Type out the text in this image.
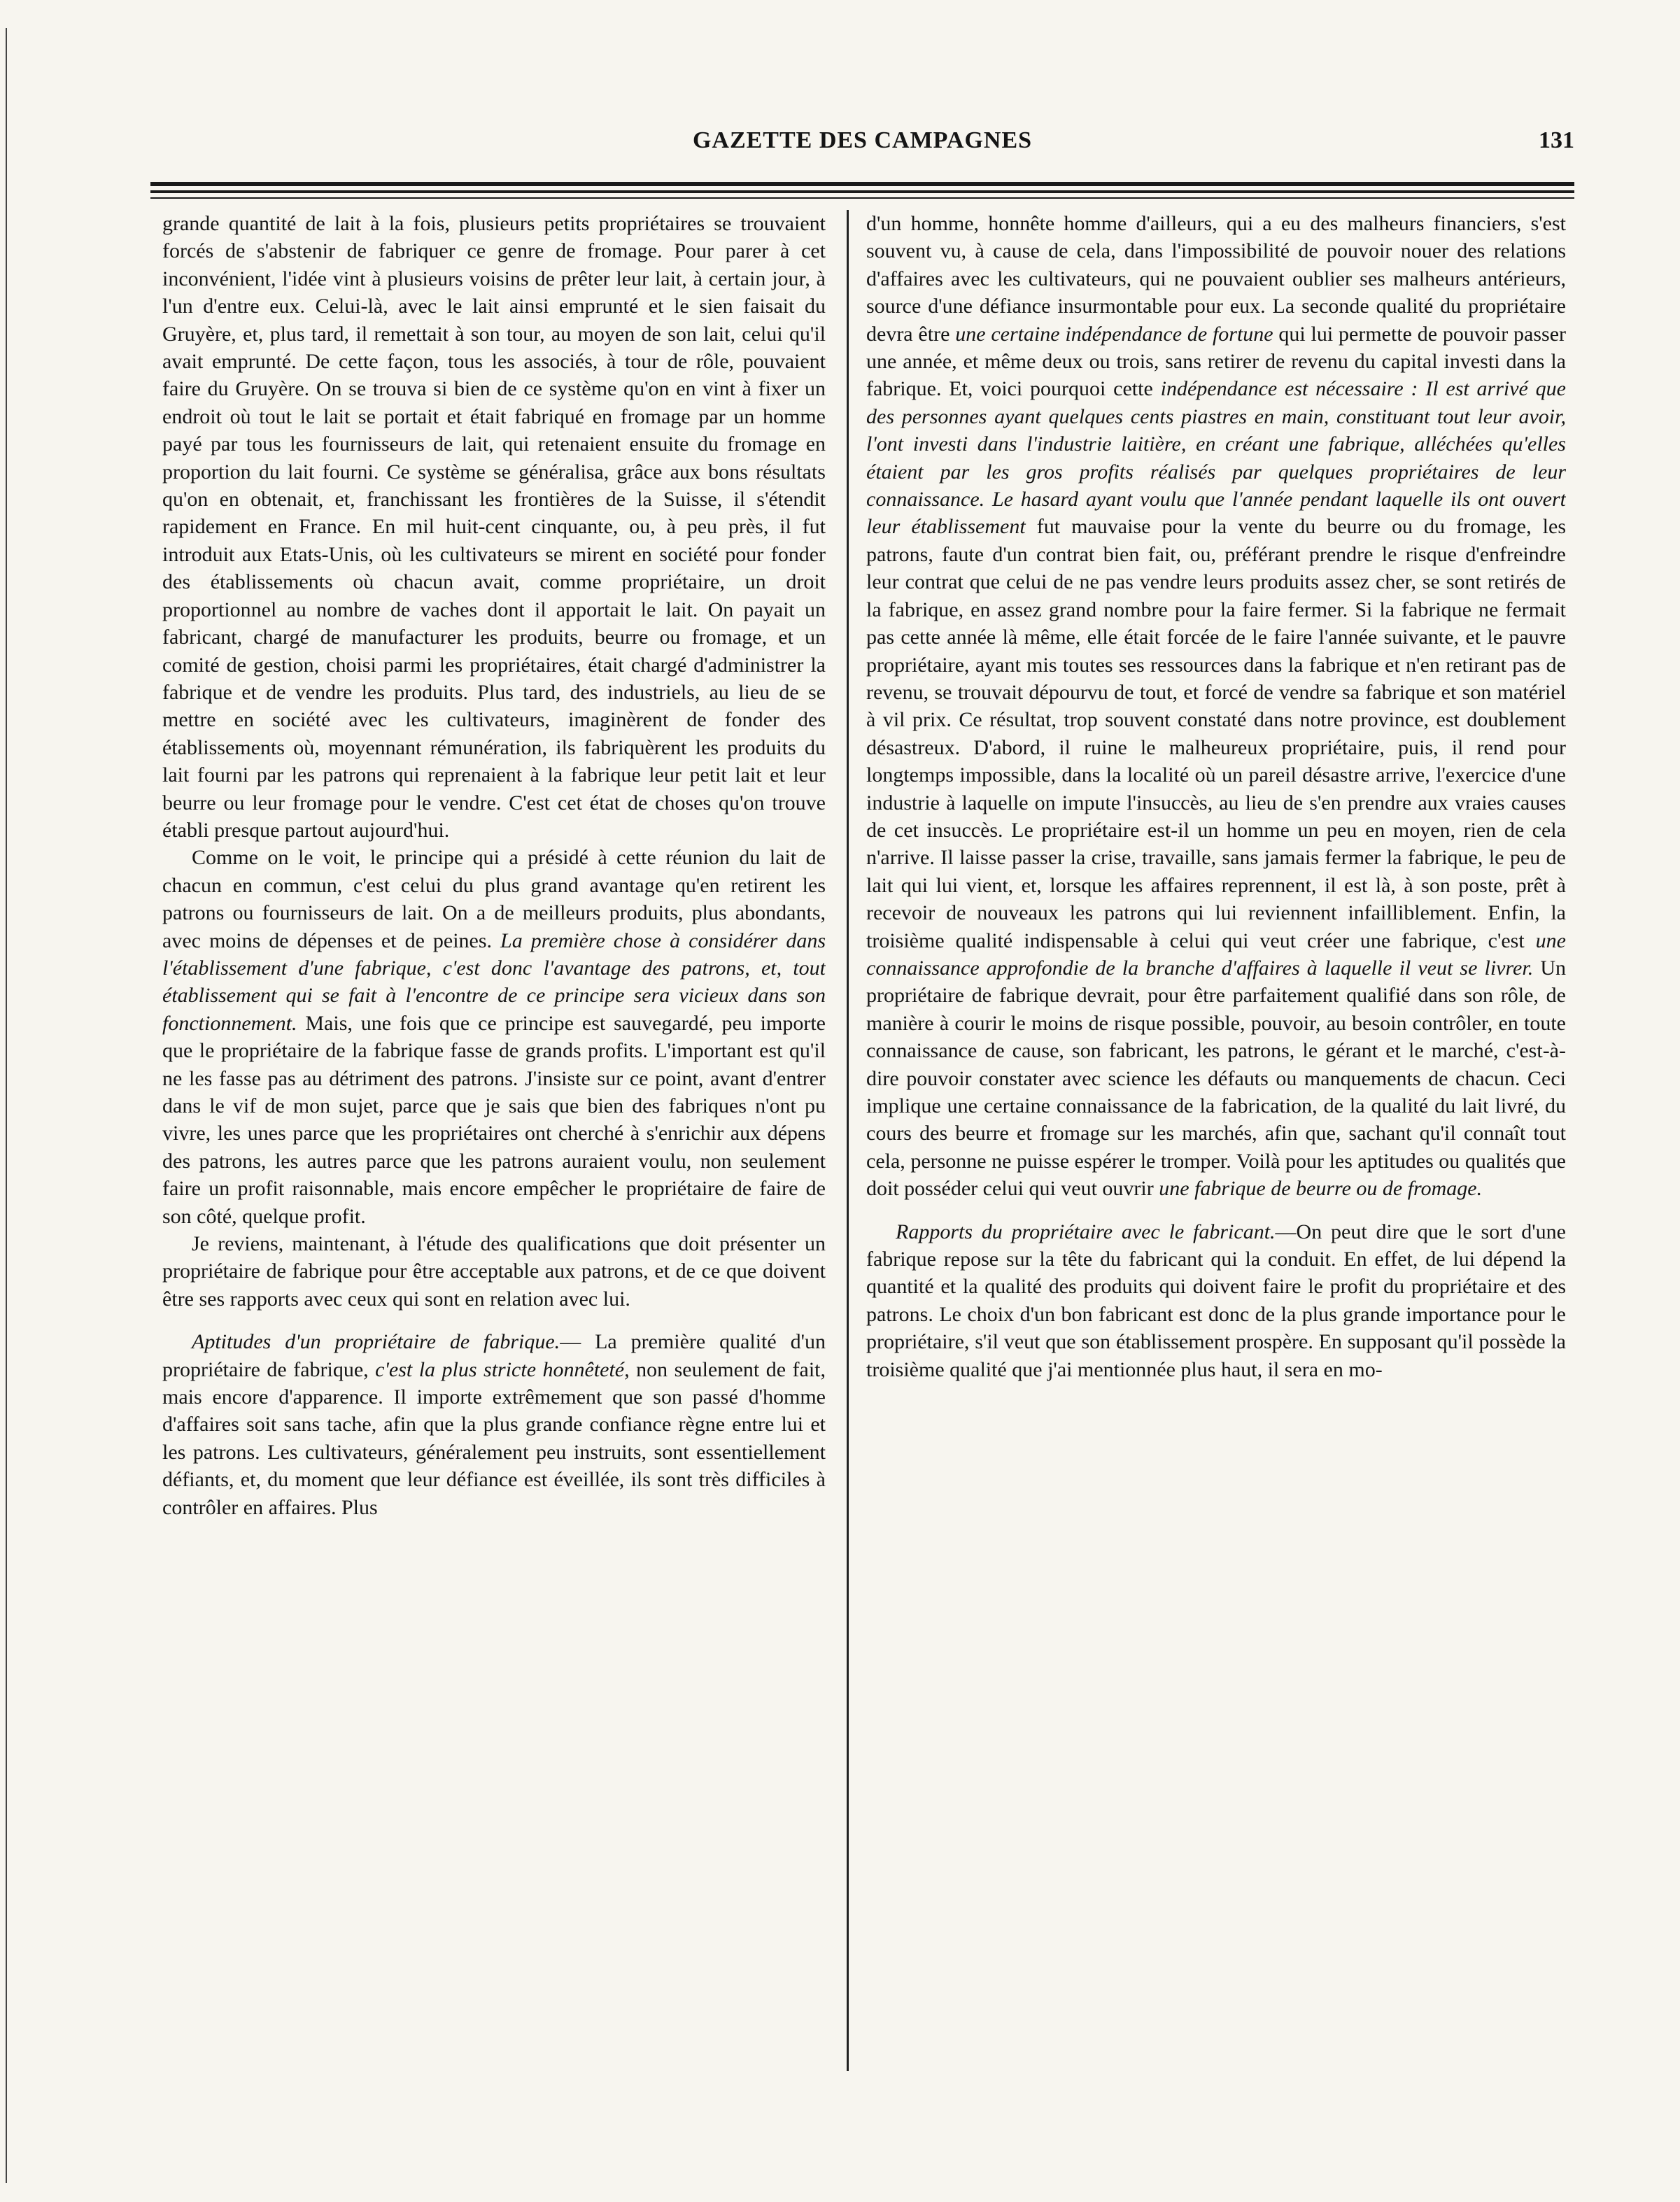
GAZETTE DES CAMPAGNES	131

grande quantité de lait à la fois, plusieurs petits propriétaires se trouvaient forcés de s'abstenir de fabriquer ce genre de fromage. Pour parer à cet inconvénient, l'idée vint à plusieurs voisins de prêter leur lait, à certain jour, à l'un d'entre eux. Celui-là, avec le lait ainsi emprunté et le sien faisait du Gruyère, et, plus tard, il remettait à son tour, au moyen de son lait, celui qu'il avait emprunté. De cette façon, tous les associés, à tour de rôle, pouvaient faire du Gruyère. On se trouva si bien de ce système qu'on en vint à fixer un endroit où tout le lait se portait et était fabriqué en fromage par un homme payé par tous les fournisseurs de lait, qui retenaient ensuite du fromage en proportion du lait fourni. Ce système se généralisa, grâce aux bons résultats qu'on en obtenait, et, franchissant les frontières de la Suisse, il s'étendit rapidement en France. En mil huit-cent cinquante, ou, à peu près, il fut introduit aux Etats-Unis, où les cultivateurs se mirent en société pour fonder des établissements où chacun avait, comme propriétaire, un droit proportionnel au nombre de vaches dont il apportait le lait. On payait un fabricant, chargé de manufacturer les produits, beurre ou fromage, et un comité de gestion, choisi parmi les propriétaires, était chargé d'administrer la fabrique et de vendre les produits. Plus tard, des industriels, au lieu de se mettre en société avec les cultivateurs, imaginèrent de fonder des établissements où, moyennant rémunération, ils fabriquèrent les produits du lait fourni par les patrons qui reprenaient à la fabrique leur petit lait et leur beurre ou leur fromage pour le vendre. C'est cet état de choses qu'on trouve établi presque partout aujourd'hui.

Comme on le voit, le principe qui a présidé à cette réunion du lait de chacun en commun, c'est celui du plus grand avantage qu'en retirent les patrons ou fournisseurs de lait. On a de meilleurs produits, plus abondants, avec moins de dépenses et de peines. La première chose à considérer dans l'établissement d'une fabrique, c'est donc l'avantage des patrons, et, tout établissement qui se fait à l'encontre de ce principe sera vicieux dans son fonctionnement. Mais, une fois que ce principe est sauvegardé, peu importe que le propriétaire de la fabrique fasse de grands profits. L'important est qu'il ne les fasse pas au détriment des patrons. J'insiste sur ce point, avant d'entrer dans le vif de mon sujet, parce que je sais que bien des fabriques n'ont pu vivre, les unes parce que les propriétaires ont cherché à s'enrichir aux dépens des patrons, les autres parce que les patrons auraient voulu, non seulement faire un profit raisonnable, mais encore empêcher le propriétaire de faire de son côté, quelque profit.

Je reviens, maintenant, à l'étude des qualifications que doit présenter un propriétaire de fabrique pour être acceptable aux patrons, et de ce que doivent être ses rapports avec ceux qui sont en relation avec lui.

Aptitudes d'un propriétaire de fabrique.— La première qualité d'un propriétaire de fabrique, c'est la plus stricte honnêteté, non seulement de fait, mais encore d'apparence. Il importe extrêmement que son passé d'homme d'affaires soit sans tache, afin que la plus grande confiance règne entre lui et les patrons. Les cultivateurs, généralement peu instruits, sont essentiellement défiants, et, du moment que leur défiance est éveillée, ils sont très difficiles à contrôler en affaires. Plus

d'un homme, honnête homme d'ailleurs, qui a eu des malheurs financiers, s'est souvent vu, à cause de cela, dans l'impossibilité de pouvoir nouer des relations d'affaires avec les cultivateurs, qui ne pouvaient oublier ses malheurs antérieurs, source d'une défiance insurmontable pour eux. La seconde qualité du propriétaire devra être une certaine indépendance de fortune qui lui permette de pouvoir passer une année, et même deux ou trois, sans retirer de revenu du capital investi dans la fabrique. Et, voici pourquoi cette indépendance est nécessaire : Il est arrivé que des personnes ayant quelques cents piastres en main, constituant tout leur avoir, l'ont investi dans l'industrie laitière, en créant une fabrique, alléchées qu'elles étaient par les gros profits réalisés par quelques propriétaires de leur connaissance. Le hasard ayant voulu que l'année pendant laquelle ils ont ouvert leur établissement fut mauvaise pour la vente du beurre ou du fromage, les patrons, faute d'un contrat bien fait, ou, préférant prendre le risque d'enfreindre leur contrat que celui de ne pas vendre leurs produits assez cher, se sont retirés de la fabrique, en assez grand nombre pour la faire fermer. Si la fabrique ne fermait pas cette année là même, elle était forcée de le faire l'année suivante, et le pauvre propriétaire, ayant mis toutes ses ressources dans la fabrique et n'en retirant pas de revenu, se trouvait dépourvu de tout, et forcé de vendre sa fabrique et son matériel à vil prix. Ce résultat, trop souvent constaté dans notre province, est doublement désastreux. D'abord, il ruine le malheureux propriétaire, puis, il rend pour longtemps impossible, dans la localité où un pareil désastre arrive, l'exercice d'une industrie à laquelle on impute l'insuccès, au lieu de s'en prendre aux vraies causes de cet insuccès. Le propriétaire est-il un homme un peu en moyen, rien de cela n'arrive. Il laisse passer la crise, travaille, sans jamais fermer la fabrique, le peu de lait qui lui vient, et, lorsque les affaires reprennent, il est là, à son poste, prêt à recevoir de nouveaux les patrons qui lui reviennent infailliblement. Enfin, la troisième qualité indispensable à celui qui veut créer une fabrique, c'est une connaissance approfondie de la branche d'affaires à laquelle il veut se livrer. Un propriétaire de fabrique devrait, pour être parfaitement qualifié dans son rôle, de manière à courir le moins de risque possible, pouvoir, au besoin contrôler, en toute connaissance de cause, son fabricant, les patrons, le gérant et le marché, c'est-à-dire pouvoir constater avec science les défauts ou manquements de chacun. Ceci implique une certaine connaissance de la fabrication, de la qualité du lait livré, du cours des beurre et fromage sur les marchés, afin que, sachant qu'il connaît tout cela, personne ne puisse espérer le tromper. Voilà pour les aptitudes ou qualités que doit posséder celui qui veut ouvrir une fabrique de beurre ou de fromage.

Rapports du propriétaire avec le fabricant.—On peut dire que le sort d'une fabrique repose sur la tête du fabricant qui la conduit. En effet, de lui dépend la quantité et la qualité des produits qui doivent faire le profit du propriétaire et des patrons. Le choix d'un bon fabricant est donc de la plus grande importance pour le propriétaire, s'il veut que son établissement prospère. En supposant qu'il possède la troisième qualité que j'ai mentionnée plus haut, il sera en mo-
